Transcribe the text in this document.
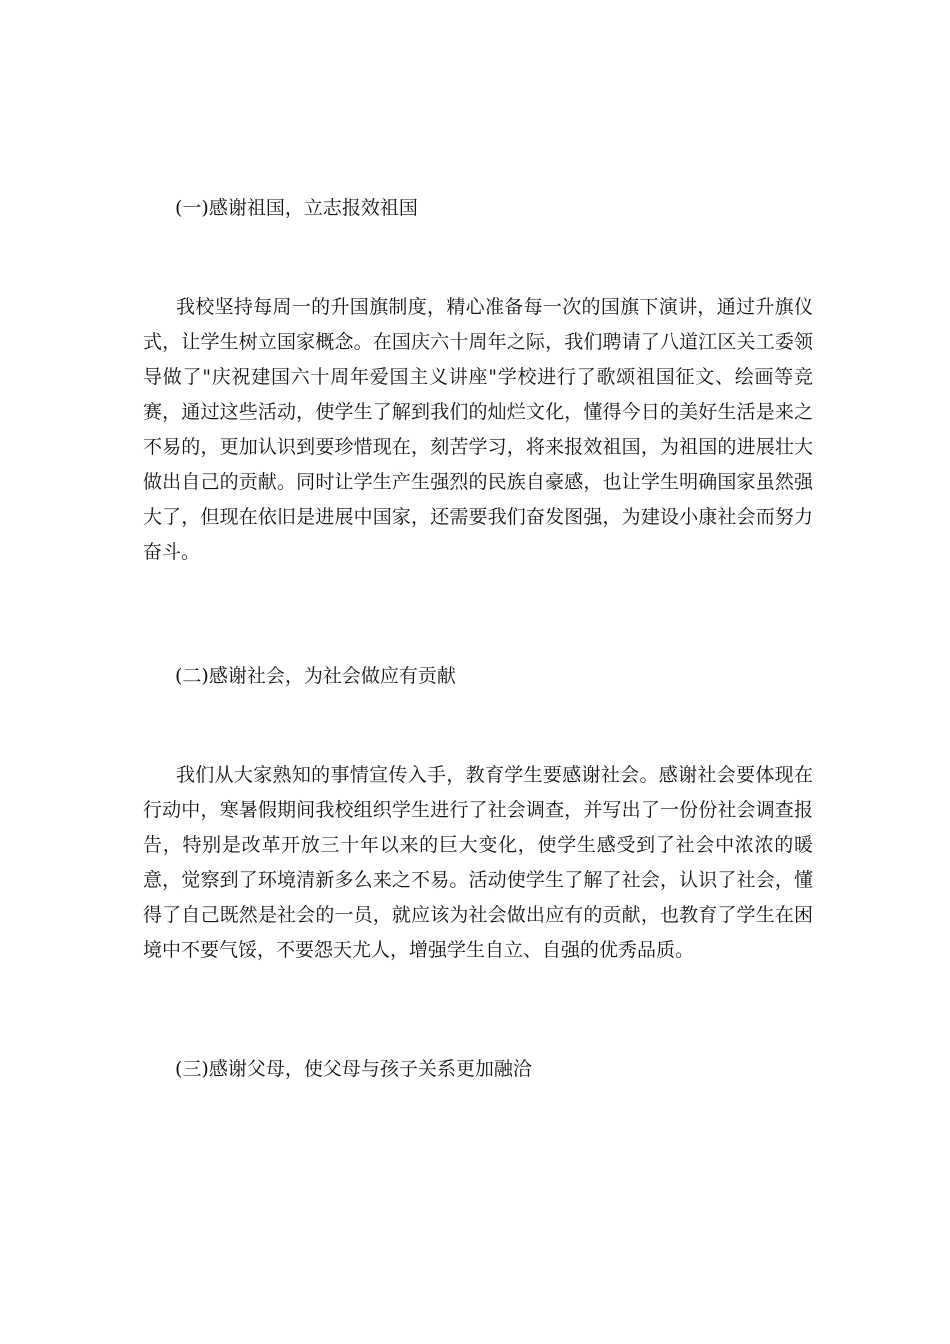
(一)感谢祖国，立志报效祖国

我校坚持每周一的升国旗制度，精心准备每一次的国旗下演讲，通过升旗仪式，让学生树立国家概念。在国庆六十周年之际，我们聘请了八道江区关工委领导做了"庆祝建国六十周年爱国主义讲座"学校进行了歌颂祖国征文、绘画等竞赛，通过这些活动，使学生了解到我们的灿烂文化，懂得今日的美好生活是来之不易的，更加认识到要珍惜现在，刻苦学习，将来报效祖国，为祖国的进展壮大做出自己的贡献。同时让学生产生强烈的民族自豪感，也让学生明确国家虽然强大了，但现在依旧是进展中国家，还需要我们奋发图强，为建设小康社会而努力奋斗。

(二)感谢社会，为社会做应有贡献

我们从大家熟知的事情宣传入手，教育学生要感谢社会。感谢社会要体现在行动中，寒暑假期间我校组织学生进行了社会调查，并写出了一份份社会调查报告，特别是改革开放三十年以来的巨大变化，使学生感受到了社会中浓浓的暖意，觉察到了环境清新多么来之不易。活动使学生了解了社会，认识了社会，懂得了自己既然是社会的一员，就应该为社会做出应有的贡献，也教育了学生在困境中不要气馁，不要怨天尤人，增强学生自立、自强的优秀品质。

(三)感谢父母，使父母与孩子关系更加融洽
